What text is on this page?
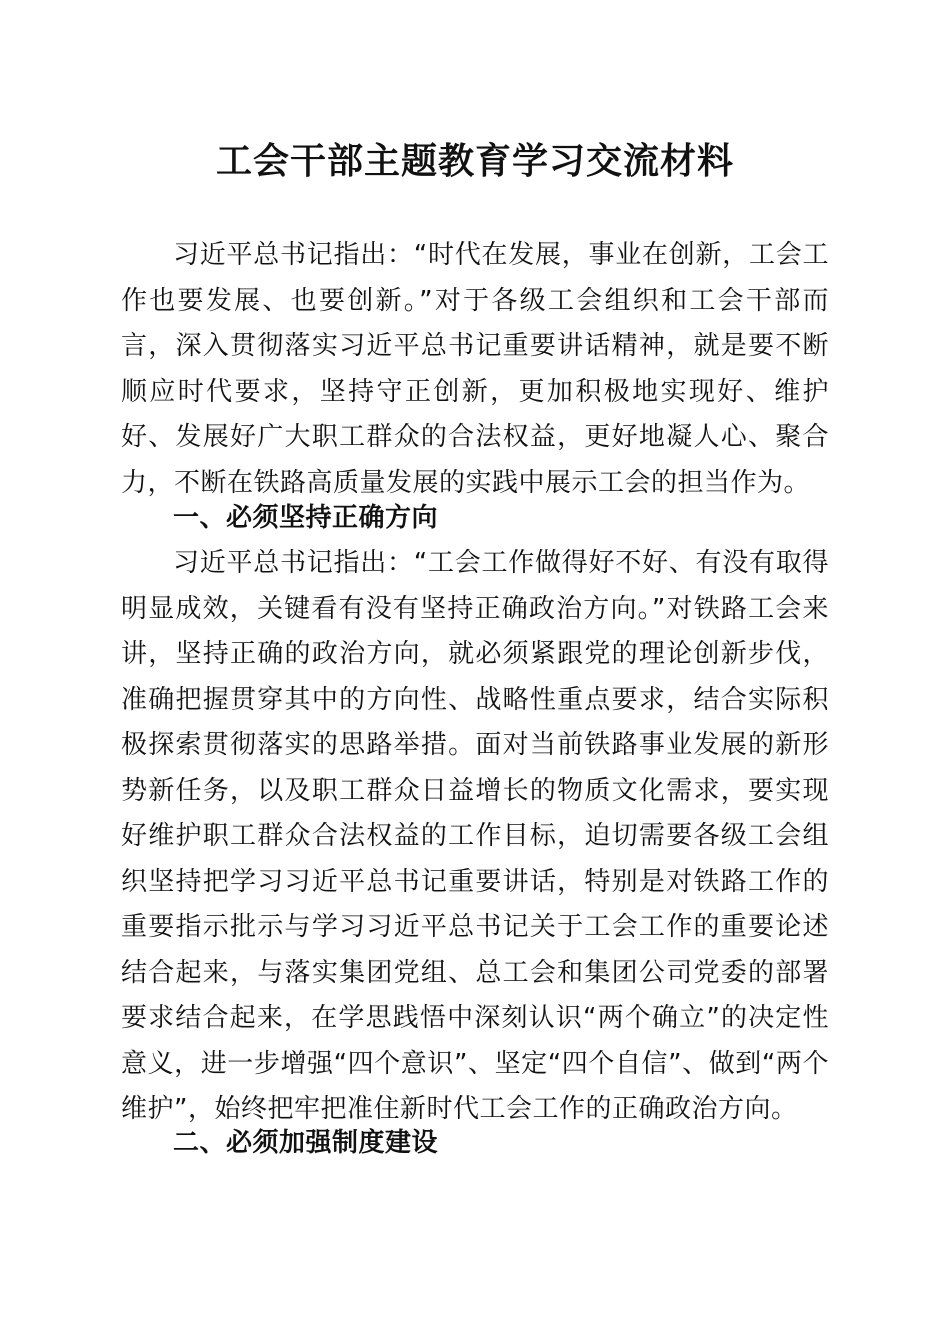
工会干部主题教育学习交流材料

习近平总书记指出：“时代在发展，事业在创新，工会工作也要发展、也要创新。”对于各级工会组织和工会干部而言，深入贯彻落实习近平总书记重要讲话精神，就是要不断顺应时代要求，坚持守正创新，更加积极地实现好、维护好、发展好广大职工群众的合法权益，更好地凝人心、聚合力，不断在铁路高质量发展的实践中展示工会的担当作为。

一、必须坚持正确方向

习近平总书记指出：“工会工作做得好不好、有没有取得明显成效，关键看有没有坚持正确政治方向。”对铁路工会来讲，坚持正确的政治方向，就必须紧跟党的理论创新步伐，准确把握贯穿其中的方向性、战略性重点要求，结合实际积极探索贯彻落实的思路举措。面对当前铁路事业发展的新形势新任务，以及职工群众日益增长的物质文化需求，要实现好维护职工群众合法权益的工作目标，迫切需要各级工会组织坚持把学习习近平总书记重要讲话，特别是对铁路工作的重要指示批示与学习习近平总书记关于工会工作的重要论述结合起来，与落实集团党组、总工会和集团公司党委的部署要求结合起来，在学思践悟中深刻认识“两个确立”的决定性意义，进一步增强“四个意识”、坚定“四个自信”、做到“两个维护”，始终把牢把准住新时代工会工作的正确政治方向。

二、必须加强制度建设
